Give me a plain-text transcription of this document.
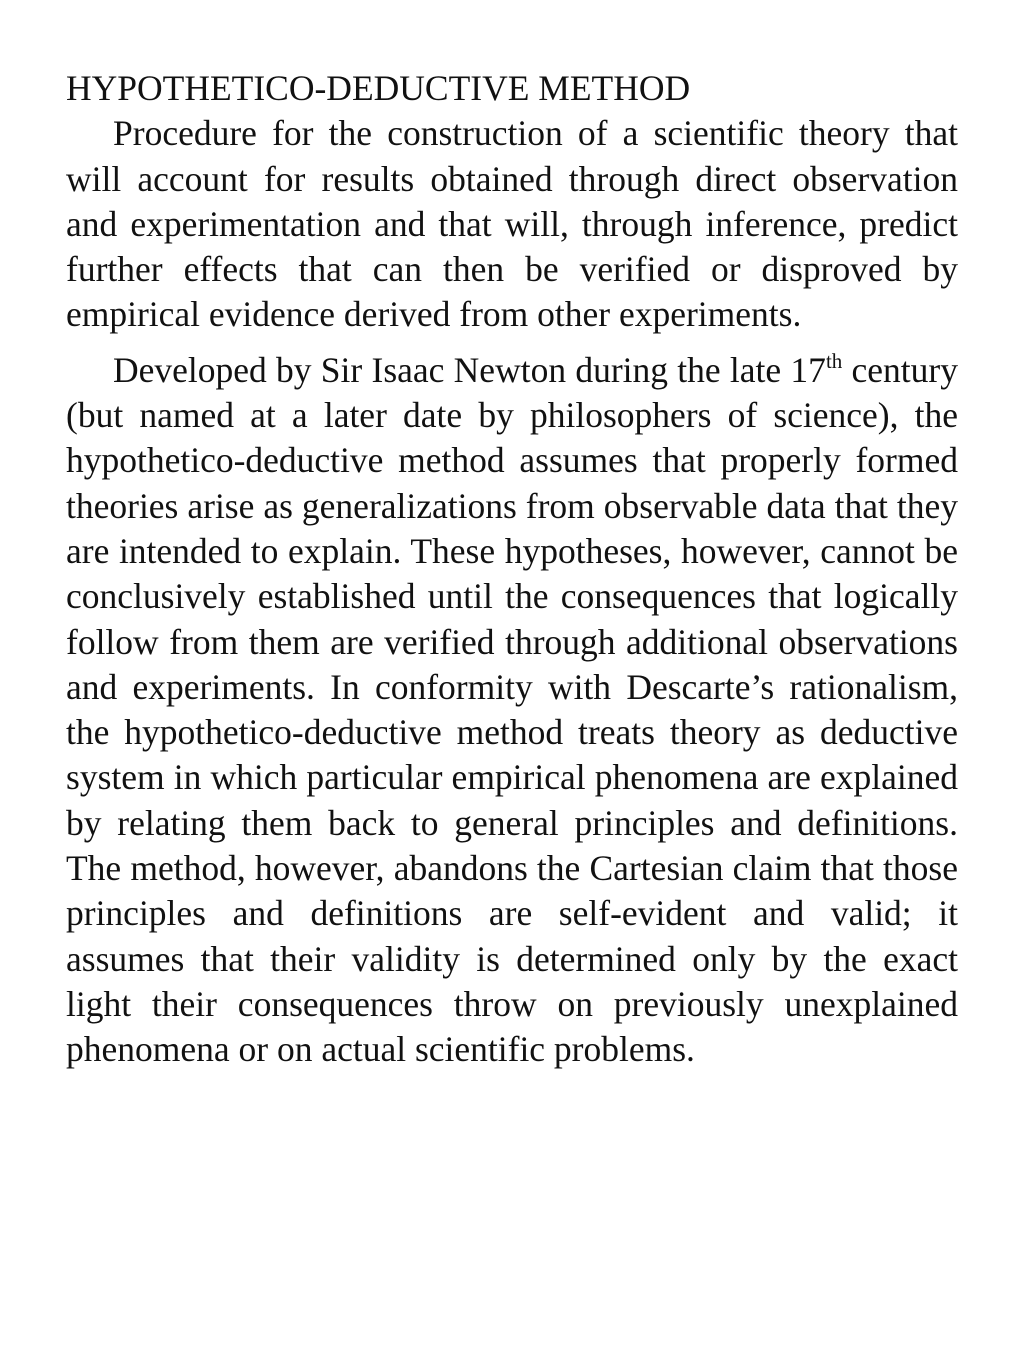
HYPOTHETICO-DEDUCTIVE METHOD

Procedure for the construction of a scientific theory that will account for results obtained through direct observation and experimentation and that will, through inference, predict further effects that can then be verified or disproved by empirical evidence derived from other experiments.

Developed by Sir Isaac Newton during the late 17th century (but named at a later date by philosophers of science), the hypothetico-deductive method assumes that properly formed theories arise as generalizations from observable data that they are intended to explain. These hypotheses, however, cannot be conclusively established until the consequences that logically follow from them are verified through additional observations and experiments. In conformity with Descarte’s rationalism, the hypothetico-deductive method treats theory as deductive system in which particular empirical phenomena are explained by relating them back to general principles and definitions. The method, however, abandons the Cartesian claim that those principles and definitions are self-evident and valid; it assumes that their validity is determined only by the exact light their consequences throw on previously unexplained phenomena or on actual scientific problems.
